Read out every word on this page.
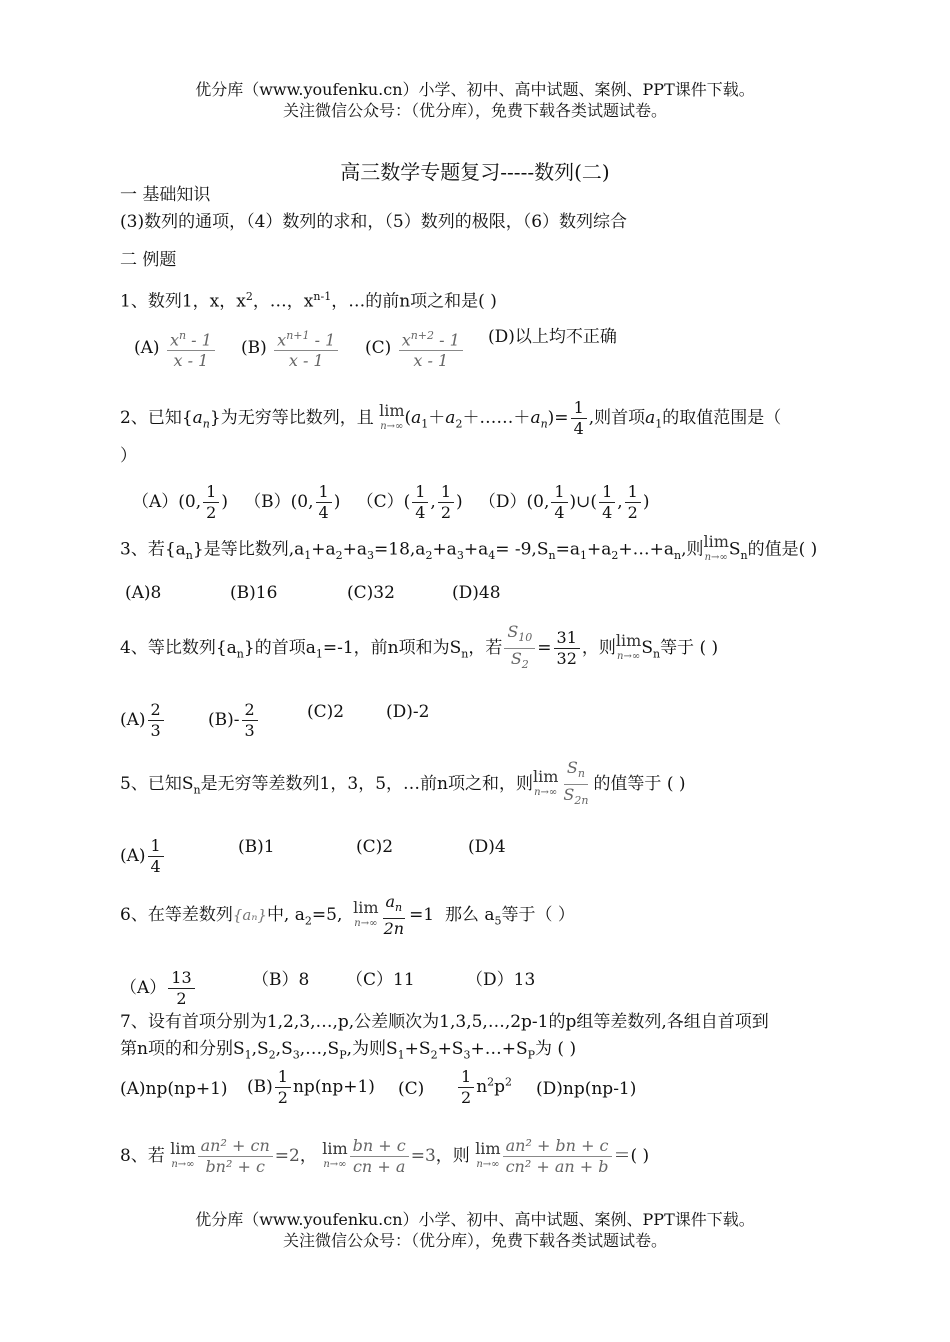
优分库（www.youfenku.cn）小学、初中、高中试题、案例、PPT课件下载。
关注微信公众号：（优分库），免费下载各类试题试卷。
高三数学专题复习-----数列(二)
一 基础知识
(3)数列的通项，（4）数列的求和，（5）数列的极限，（6）数列综合
二 例题
1、数列1，x，$x^2$，…，$x^{n-1}$，…的前n项之和是( )
$(A) \frac{x^n - 1}{x - 1} (B) \frac{x^{n+1} - 1}{x - 1} (C) \frac{x^{n+2} - 1}{x - 1} (D)$以上均不正确
2、已知$\{a_n\}$为无穷等比数列，且 lim
n→∞ $(a_1+a_2+\dots\dots+a_n)= \frac{1}{4}$ ,则首项$a_1$的取值范围是（
）
（A）(0, $\frac{1}{2}$ ) （B）(0, $\frac{1}{4}$ ) $(C)( \frac{1}{4}$ , $\frac{1}{2}$ ) （D）(0, $\frac{1}{4}$ )∪( $\frac{1}{4}$ , $\frac{1}{2}$ )
3、若$\{a_n\}$是等比数列$,a_1+a_2+a_3=18,a_2+a_3+a_4=$ $-9,S_n=a_1+a_2+\dots+a_n$,则 lim
n→∞ $S_n$的值是( )
(A)8	(B)16	(C)32	(D)48
4、等比数列$\{a_n\}$的首项$a_1=-1$，前n项和为$S_n$，若 $\frac{S_{10}}{S_2} = \frac{31}{32}$ ，则 lim
n→∞ $S_n$等于 ( )
$(A) \frac{2}{3}$	$(B)- \frac{2}{3}$	(C)2 (D)-2
5、已知$S_n$是无穷等差数列1，3，5，…前n项之和，则 lim
$n\to\infty \frac{S_n}{S_{2n}}$ 的值等于 ( )
$(A) \frac{1}{4}$	(B)1	(C)2	(D)4
6、在等差数列{aₙ}中, $a_2=5$, lim
$n\to\infty \frac{a_n}{2n} =1$ 那么 $a_5$等于（ ）
$(A) \frac{13}{2}$	（B）8 （C）11	（D）13
7、设有首项分别为1,2,3,…,p,公差顺次为1,3,5,…,2p-1的p组等差数列,各组自首项到
第n项的和分别$S_1,S_2,S_3,\dots,S_P$,为则$S_1+S_2+S_3+\dots+S_P$为 ( )
(A)np(np+1) $(B) \frac{1}{2} np(np+1)$ $(C) \frac{1}{2} n^2p^2$ (D)np(np-1)
8、若 lim
$n\to\infty \frac{\text{an² + cn}}{\text{bn² + c}} =2$， lim
$n\to\infty \frac{bn + c}{cn + a} =3$，则 lim
$n\to\infty \frac{\text{an² + bn + c}}{\text{cn² + an + b}}$ ＝( )
优分库（www.youfenku.cn）小学、初中、高中试题、案例、PPT课件下载。
关注微信公众号：（优分库），免费下载各类试题试卷。
